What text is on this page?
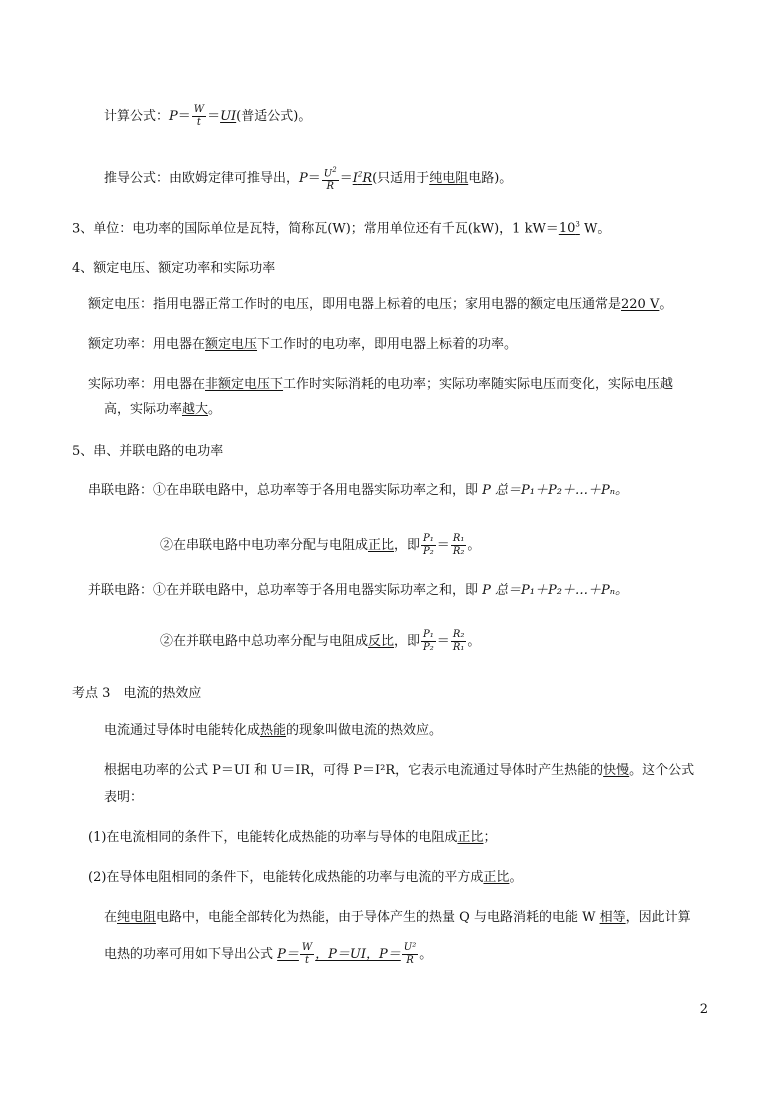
计算公式：$P= \frac{W}{t} =UI$(普适公式)。
推导公式：由欧姆定律可推导出，$P= \frac{U^2}{R} =I^2R$(只适用于纯电阻电路)。
3、单位：电功率的国际单位是瓦特，简称瓦(W)；常用单位还有千瓦(kW)，1 $kW=10^3$ W。
4、额定电压、额定功率和实际功率
额定电压：指用电器正常工作时的电压，即用电器上标着的电压；家用电器的额定电压通常是220 V。
额定功率：用电器在额定电压下工作时的电功率，即用电器上标着的功率。
实际功率：用电器在非额定电压下工作时实际消耗的电功率；实际功率随实际电压而变化，实际电压越
高，实际功率越大。
5、串、并联电路的电功率
串联电路：①在串联电路中，总功率等于各用电器实际功率之和，即 P 总＝P₁＋P₂＋…＋Pₙ。
②在串联电路中电功率分配与电阻成正比，即 $\frac{\text{P₁}}{\text{P₂}} = \frac{\text{R₁}}{\text{R₂}}$ 。
并联电路：①在并联电路中，总功率等于各用电器实际功率之和，即 P 总＝P₁＋P₂＋…＋Pₙ。
②在并联电路中总功率分配与电阻成反比，即 $\frac{\text{P₁}}{\text{P₂}} = \frac{\text{R₂}}{\text{R₁}}$ 。
考点 3　电流的热效应
电流通过导体时电能转化成热能的现象叫做电流的热效应。
根据电功率的公式 P＝UI 和 U＝IR，可得 P＝I²R，它表示电流通过导体时产生热能的快慢。这个公式
表明：
(1)在电流相同的条件下，电能转化成热能的功率与导体的电阻成正比；
(2)在导体电阻相同的条件下，电能转化成热能的功率与电流的平方成正比。
在纯电阻电路中，电能全部转化为热能，由于导体产生的热量 Q 与电路消耗的电能 W 相等，因此计算
电热的功率可用如下导出公式 $P= \frac{W}{t}$ ，P＝UI，$P= \frac{\text{U²}}{R}$ 。
2
